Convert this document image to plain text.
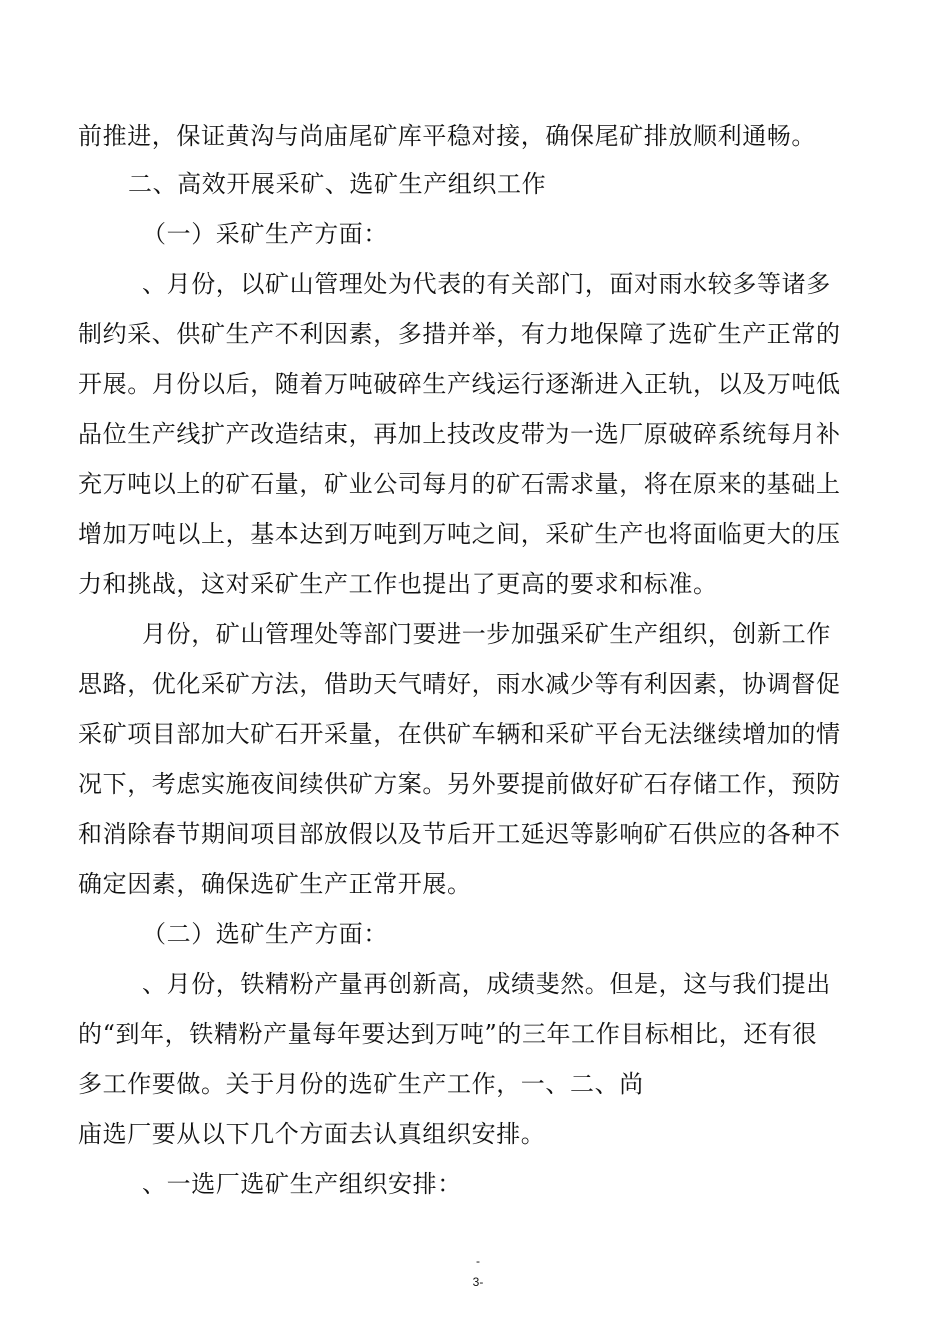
前推进，保证黄沟与尚庙尾矿库平稳对接，确保尾矿排放顺利通畅。
二、高效开展采矿、选矿生产组织工作
（一）采矿生产方面：
、月份，以矿山管理处为代表的有关部门，面对雨水较多等诸多
制约采、供矿生产不利因素，多措并举，有力地保障了选矿生产正常的
开展。月份以后，随着万吨破碎生产线运行逐渐进入正轨，以及万吨低
品位生产线扩产改造结束，再加上技改皮带为一选厂原破碎系统每月补
充万吨以上的矿石量，矿业公司每月的矿石需求量，将在原来的基础上
增加万吨以上，基本达到万吨到万吨之间，采矿生产也将面临更大的压
力和挑战，这对采矿生产工作也提出了更高的要求和标准。
月份，矿山管理处等部门要进一步加强采矿生产组织，创新工作
思路，优化采矿方法，借助天气晴好，雨水减少等有利因素，协调督促
采矿项目部加大矿石开采量，在供矿车辆和采矿平台无法继续增加的情
况下，考虑实施夜间续供矿方案。另外要提前做好矿石存储工作，预防
和消除春节期间项目部放假以及节后开工延迟等影响矿石供应的各种不
确定因素，确保选矿生产正常开展。
（二）选矿生产方面：
、月份，铁精粉产量再创新高，成绩斐然。但是，这与我们提出
的“到年，铁精粉产量每年要达到万吨”的三年工作目标相比，还有很
多工作要做。关于月份的选矿生产工作，一、二、尚
庙选厂要从以下几个方面去认真组织安排。
、一选厂选矿生产组织安排：
-
3-
